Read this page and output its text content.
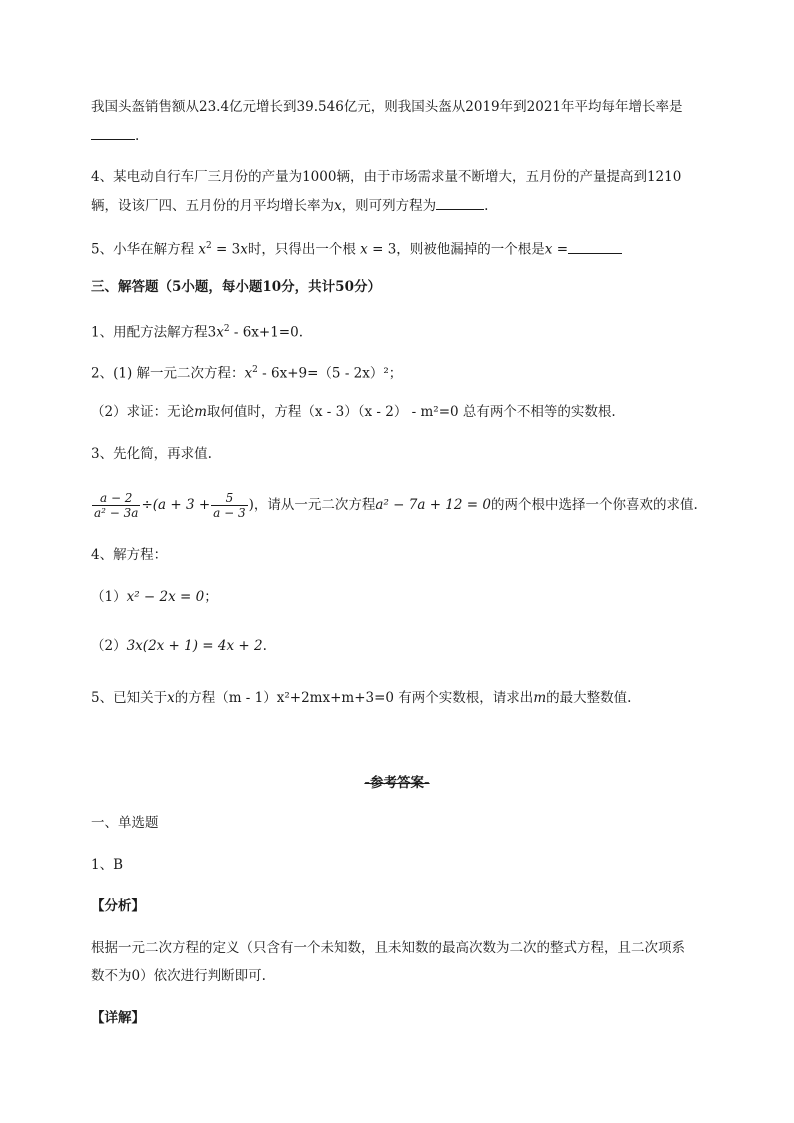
我国头盔销售额从23.4亿元增长到39.546亿元，则我国头盔从2019年到2021年平均每年增长率是
.
4、某电动自行车厂三月份的产量为1000辆，由于市场需求量不断增大，五月份的产量提高到1210
辆，设该厂四、五月份的月平均增长率为x，则可列方程为	.
5、小华在解方程 $x^2 = 3x$时，只得出一个根 x = 3，则被他漏掉的一个根是x =
三、解答题（5小题，每小题10分，共计50分）
1、用配方法解方程$3x^2 - 6x+1=0$.
2、(1) 解一元二次方程：$x^2 - 6x+9=(5 - 2x)^2$；
（2）求证：无论m取何值时，方程（x - 3）（x - 2） - m²=0 总有两个不相等的实数根.
3、先化简，再求值.
$\frac{a - 2}{\text{a² − 3a}} \div(a + 3 + \frac{5}{a - 3}$ )，请从一元二次方程a² − 7a + 12 = 0的两个根中选择一个你喜欢的求值.
4、解方程：
（1）x² − 2x = 0；
（2）3x(2x + 1) = 4x + 2.
5、已知关于x的方程（m - 1）x²+2mx+m+3=0 有两个实数根，请求出m的最大整数值.
-参考答案-
一、单选题
1、B
【分析】
根据一元二次方程的定义（只含有一个未知数，且未知数的最高次数为二次的整式方程，且二次项系
数不为0）依次进行判断即可.
【详解】
